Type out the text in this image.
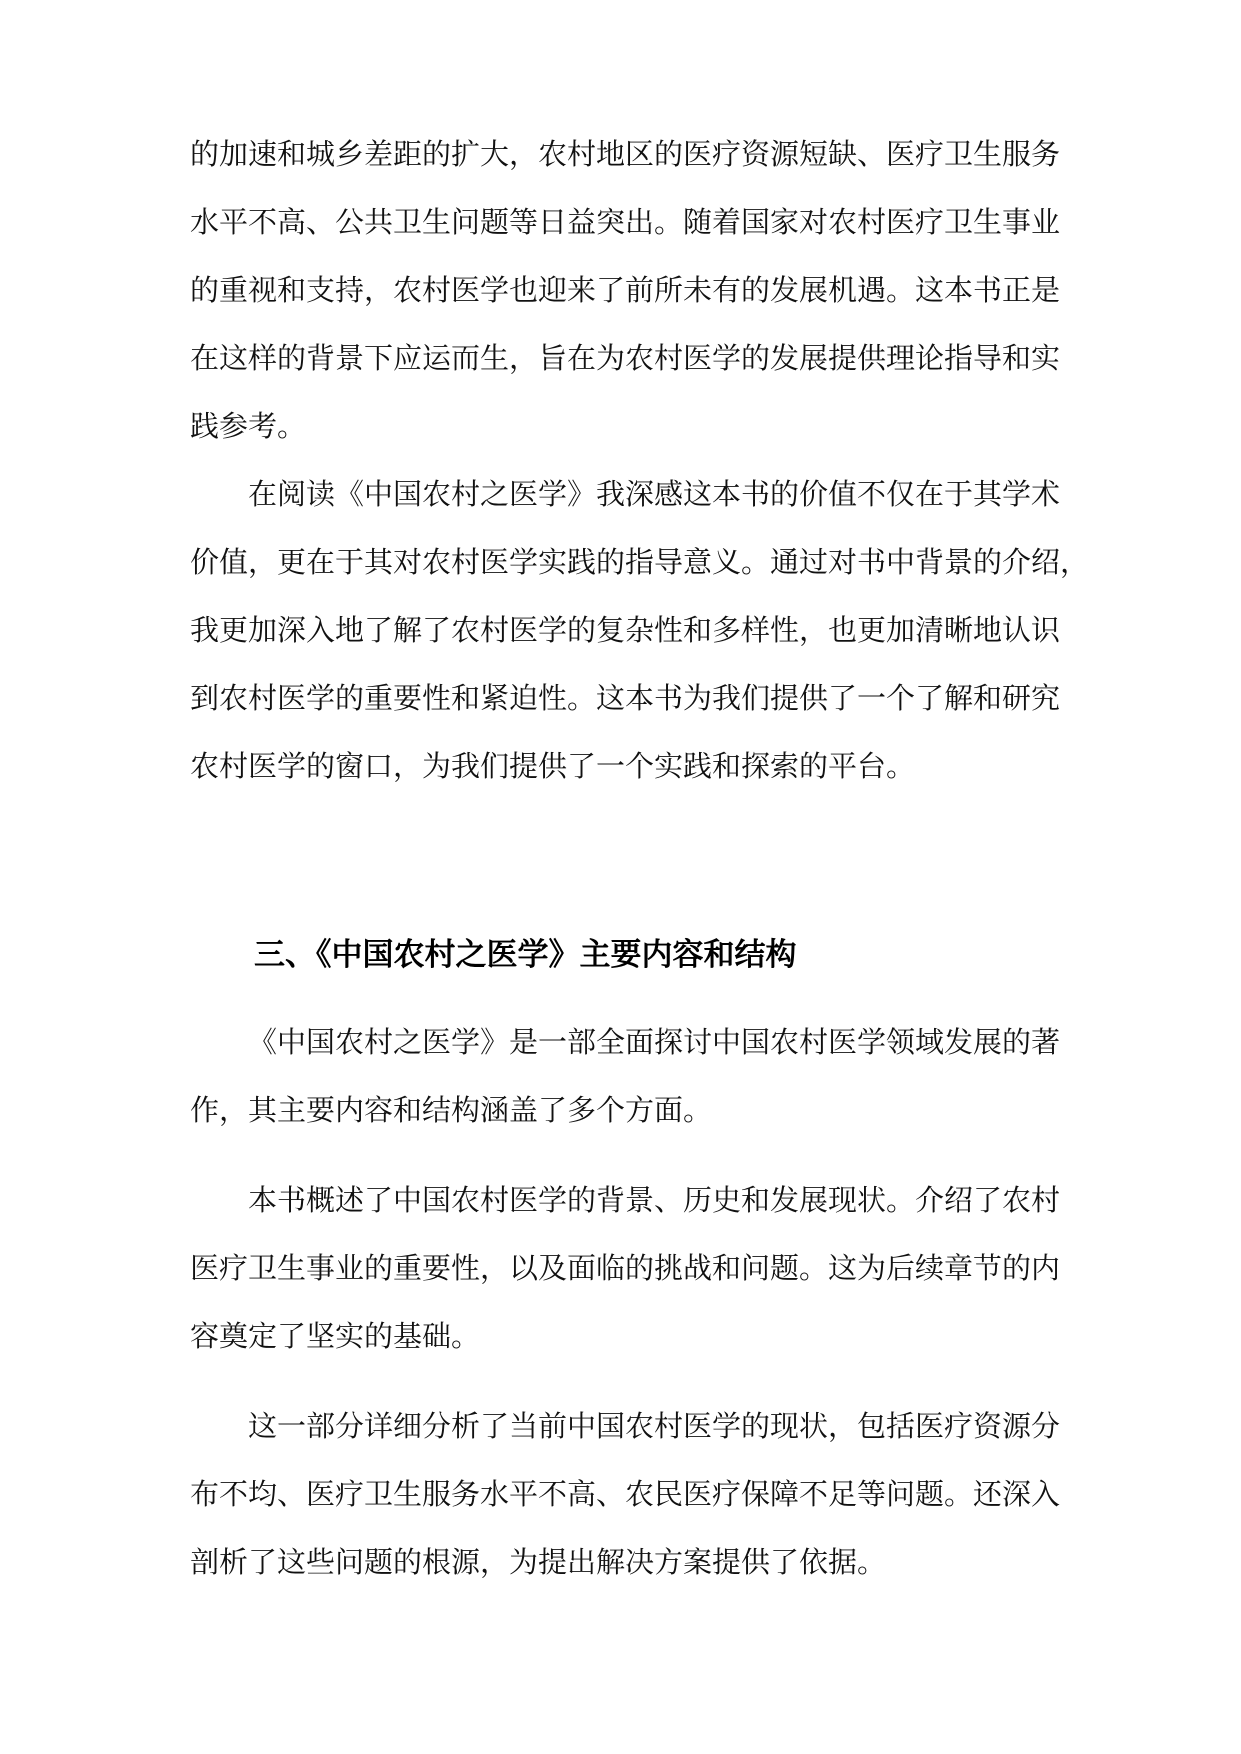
的加速和城乡差距的扩大，农村地区的医疗资源短缺、医疗卫生服务
水平不高、公共卫生问题等日益突出。随着国家对农村医疗卫生事业
的重视和支持，农村医学也迎来了前所未有的发展机遇。这本书正是
在这样的背景下应运而生，旨在为农村医学的发展提供理论指导和实
践参考。
在阅读《中国农村之医学》我深感这本书的价值不仅在于其学术
价值，更在于其对农村医学实践的指导意义。通过对书中背景的介绍，
我更加深入地了解了农村医学的复杂性和多样性，也更加清晰地认识
到农村医学的重要性和紧迫性。这本书为我们提供了一个了解和研究
农村医学的窗口，为我们提供了一个实践和探索的平台。
三、《中国农村之医学》主要内容和结构
《中国农村之医学》是一部全面探讨中国农村医学领域发展的著
作，其主要内容和结构涵盖了多个方面。
本书概述了中国农村医学的背景、历史和发展现状。介绍了农村
医疗卫生事业的重要性，以及面临的挑战和问题。这为后续章节的内
容奠定了坚实的基础。
这一部分详细分析了当前中国农村医学的现状，包括医疗资源分
布不均、医疗卫生服务水平不高、农民医疗保障不足等问题。还深入
剖析了这些问题的根源，为提出解决方案提供了依据。
